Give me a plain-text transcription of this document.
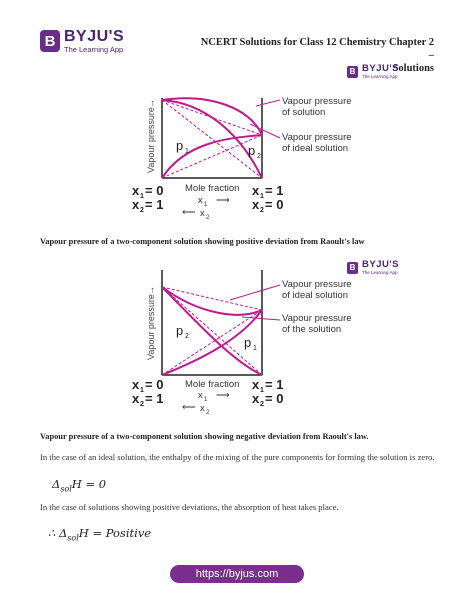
B BYJU'S
The Learning App
NCERT Solutions for Class 12 Chemistry Chapter 2 –
Solutions
B BYJU'S
The Learning App
Vapour pressure
→	Vapour pressure
of solution
Vapour pressure
of ideal solution
p 1	p 2
Mole fraction
x 1 = 0
x 2 = 1
x 1 = 1
x 2 = 0
x 1 ⟶
⟵ x 2
Vapour pressure of a two-component solution showing positive deviation from Raoult's law
B BYJU'S
The Learning App
Vapour pressure
→
Vapour pressure
of ideal solution
Vapour pressure
of the solution
p 2	p 1
Mole fraction
x 1 = 0
x 2 = 1
x 1 = 1
x 2 = 0
x 1 ⟶
⟵ x 2
Vapour pressure of a two-component solution showing negative deviation from Raoult's law.
In the case of an ideal solution, the enthalpy of the mixing of the pure components for forming the solution is zero.
$\Delta_{sol}H = 0$
In the case of solutions showing positive deviations, the absorption of heat takes place.
∴ $\Delta_{sol}H$ = Positive
https://byjus.com
